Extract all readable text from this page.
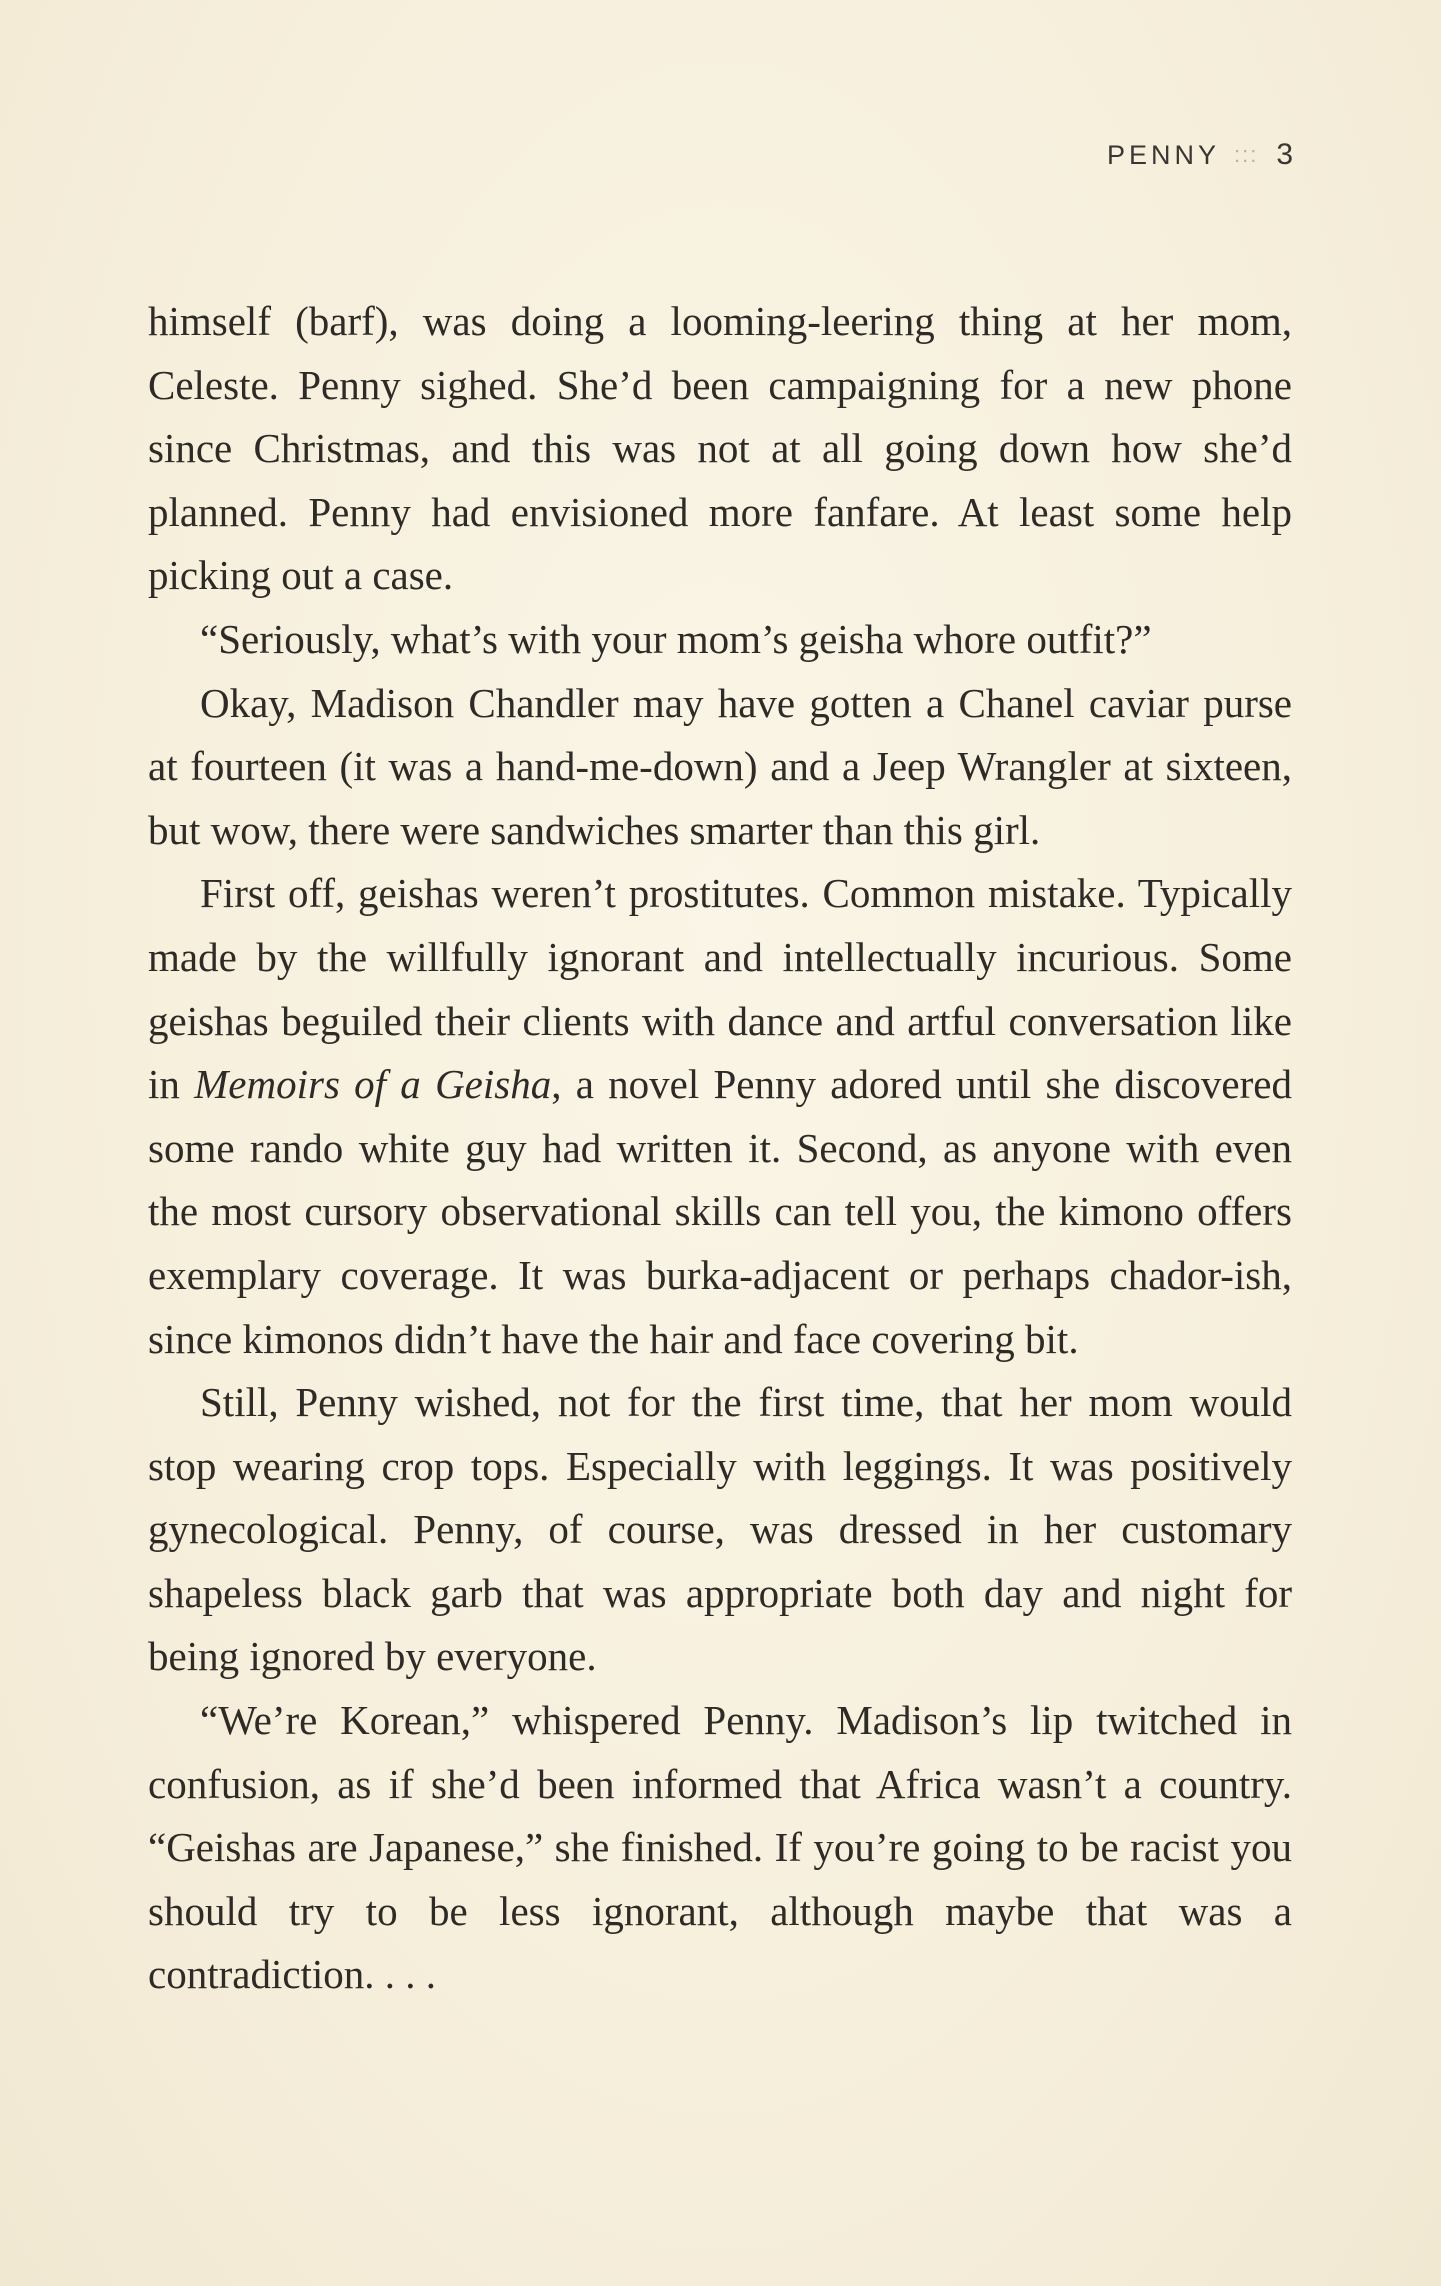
PENNY ::: 3

himself (barf), was doing a looming-leering thing at her mom, Celeste. Penny sighed. She’d been campaigning for a new phone since Christmas, and this was not at all going down how she’d planned. Penny had envisioned more fanfare. At least some help picking out a case.

“Seriously, what’s with your mom’s geisha whore outfit?”

Okay, Madison Chandler may have gotten a Chanel caviar purse at fourteen (it was a hand-me-down) and a Jeep Wrangler at sixteen, but wow, there were sandwiches smarter than this girl.

First off, geishas weren’t prostitutes. Common mistake. Typically made by the willfully ignorant and intellectually incurious. Some geishas beguiled their clients with dance and artful conversation like in Memoirs of a Geisha, a novel Penny adored until she discovered some rando white guy had written it. Second, as anyone with even the most cursory observational skills can tell you, the kimono offers exemplary coverage. It was burka-adjacent or perhaps chador-ish, since kimonos didn’t have the hair and face covering bit.

Still, Penny wished, not for the first time, that her mom would stop wearing crop tops. Especially with leggings. It was positively gynecological. Penny, of course, was dressed in her customary shapeless black garb that was appropriate both day and night for being ignored by everyone.

“We’re Korean,” whispered Penny. Madison’s lip twitched in confusion, as if she’d been informed that Africa wasn’t a country. “Geishas are Japanese,” she finished. If you’re going to be racist you should try to be less ignorant, although maybe that was a contradiction. . . .
